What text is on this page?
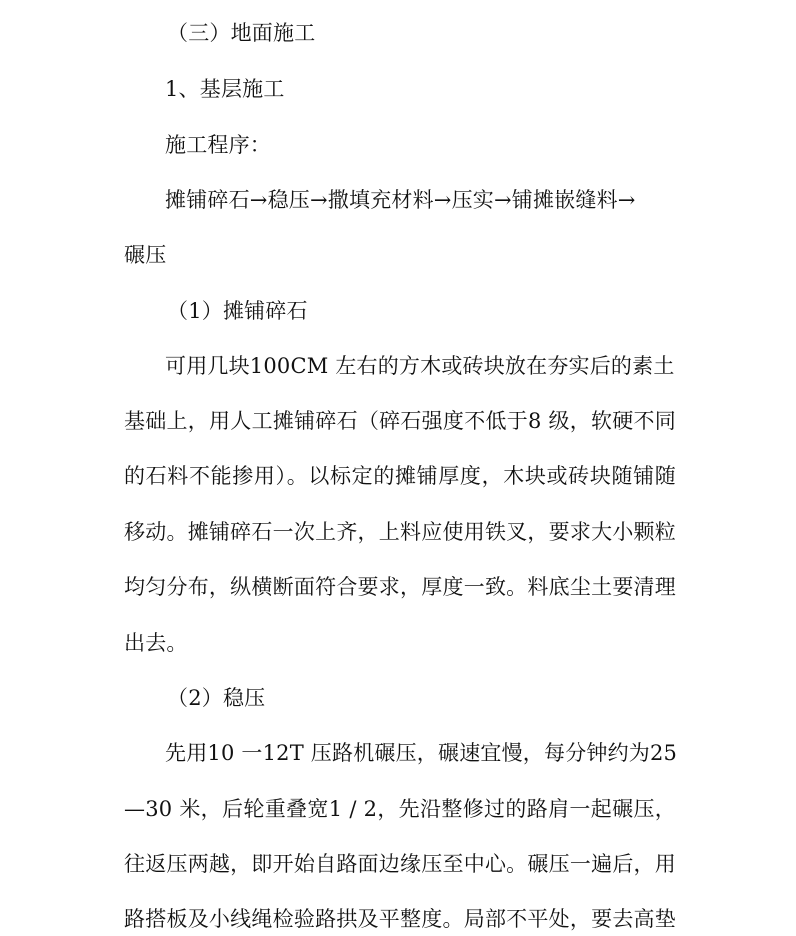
（三）地面施工
1、基层施工
施工程序：
摊铺碎石→稳压→撒填充材料→压实→铺摊嵌缝料→
碾压
（1）摊铺碎石
可用几块100CM 左右的方木或砖块放在夯实后的素土
基础上，用人工摊铺碎石（碎石强度不低于8 级，软硬不同
的石料不能掺用）。以标定的摊铺厚度，木块或砖块随铺随
移动。摊铺碎石一次上齐，上料应使用铁叉，要求大小颗粒
均匀分布，纵横断面符合要求，厚度一致。料底尘土要清理
出去。
（2）稳压
先用10 一12T 压路机碾压，碾速宜慢，每分钟约为25
—30 米，后轮重叠宽1 / 2，先沿整修过的路肩一起碾压，
往返压两越，即开始自路面边缘压至中心。碾压一遍后，用
路搭板及小线绳检验路拱及平整度。局部不平处，要去高垫
